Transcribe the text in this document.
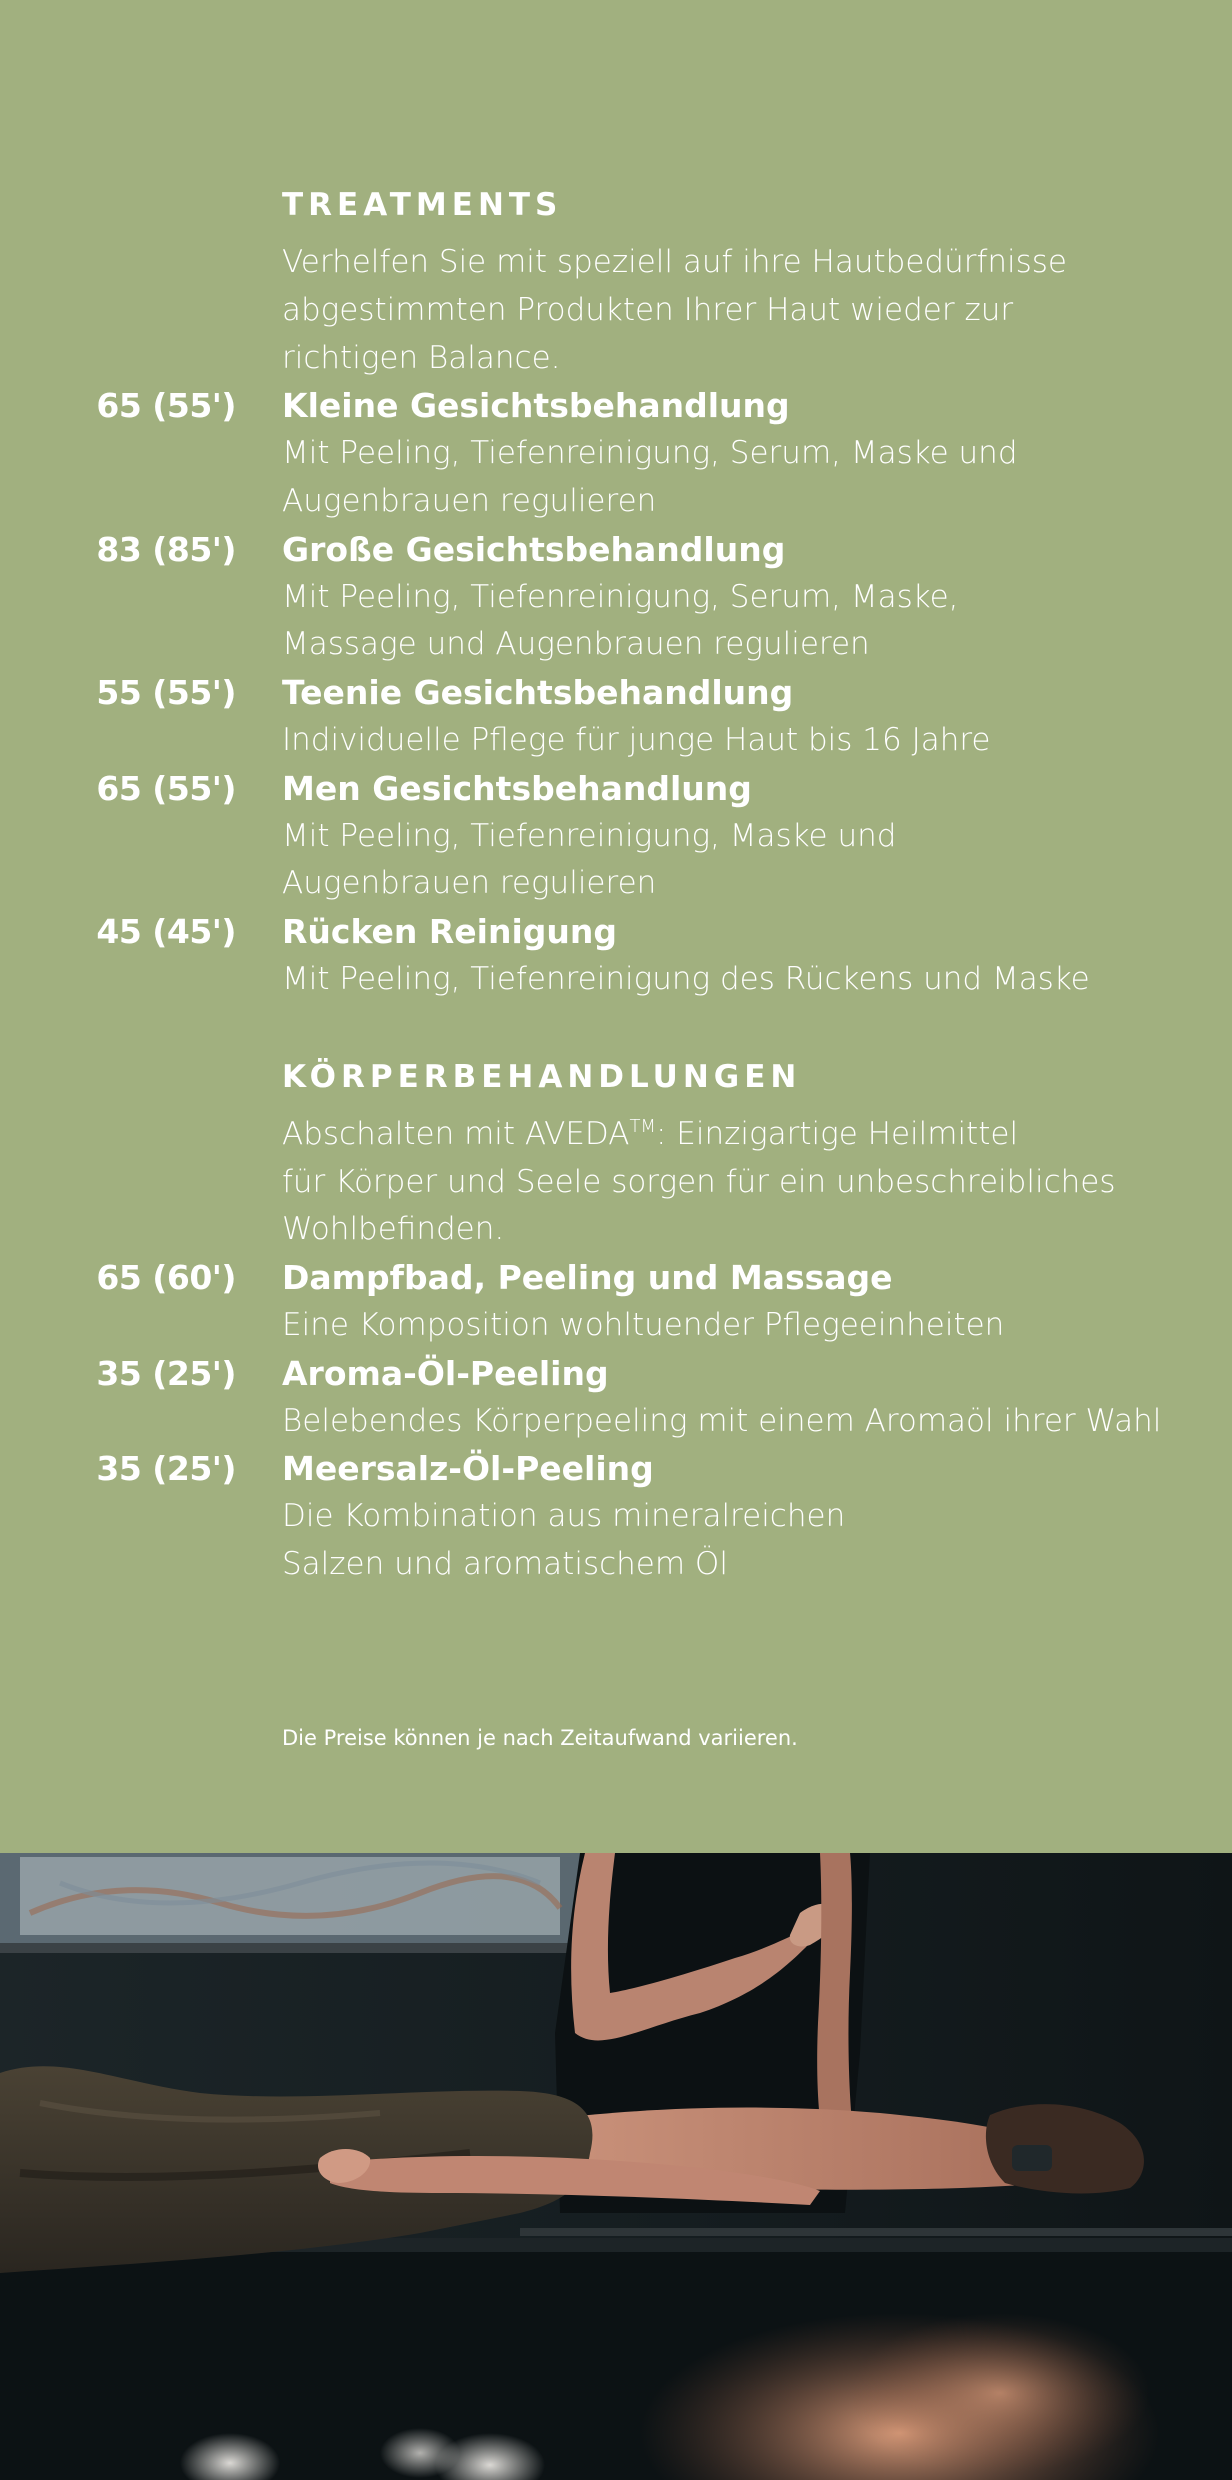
TREATMENTS
Verhelfen Sie mit speziell auf ihre Hautbedürfnisse
abgestimmten Produkten Ihrer Haut wieder zur
richtigen Balance.
65 (55') Kleine Gesichtsbehandlung
Mit Peeling, Tiefenreinigung, Serum, Maske und
Augenbrauen regulieren
83 (85') Große Gesichtsbehandlung
Mit Peeling, Tiefenreinigung, Serum, Maske,
Massage und Augenbrauen regulieren
55 (55') Teenie Gesichtsbehandlung
Individuelle Pflege für junge Haut bis 16 Jahre
65 (55') Men Gesichtsbehandlung
Mit Peeling, Tiefenreinigung, Maske und
Augenbrauen regulieren
45 (45') Rücken Reinigung
Mit Peeling, Tiefenreinigung des Rückens und Maske
KÖRPERBEHANDLUNGEN
Abschalten mit AVEDA™: Einzigartige Heilmittel
für Körper und Seele sorgen für ein unbeschreibliches
Wohlbefinden.
65 (60') Dampfbad, Peeling und Massage
Eine Komposition wohltuender Pflegeeinheiten
35 (25') Aroma-Öl-Peeling
Belebendes Körperpeeling mit einem Aromaöl ihrer Wahl
35 (25') Meersalz-Öl-Peeling
Die Kombination aus mineralreichen
Salzen und aromatischem Öl
Die Preise können je nach Zeitaufwand variieren.
